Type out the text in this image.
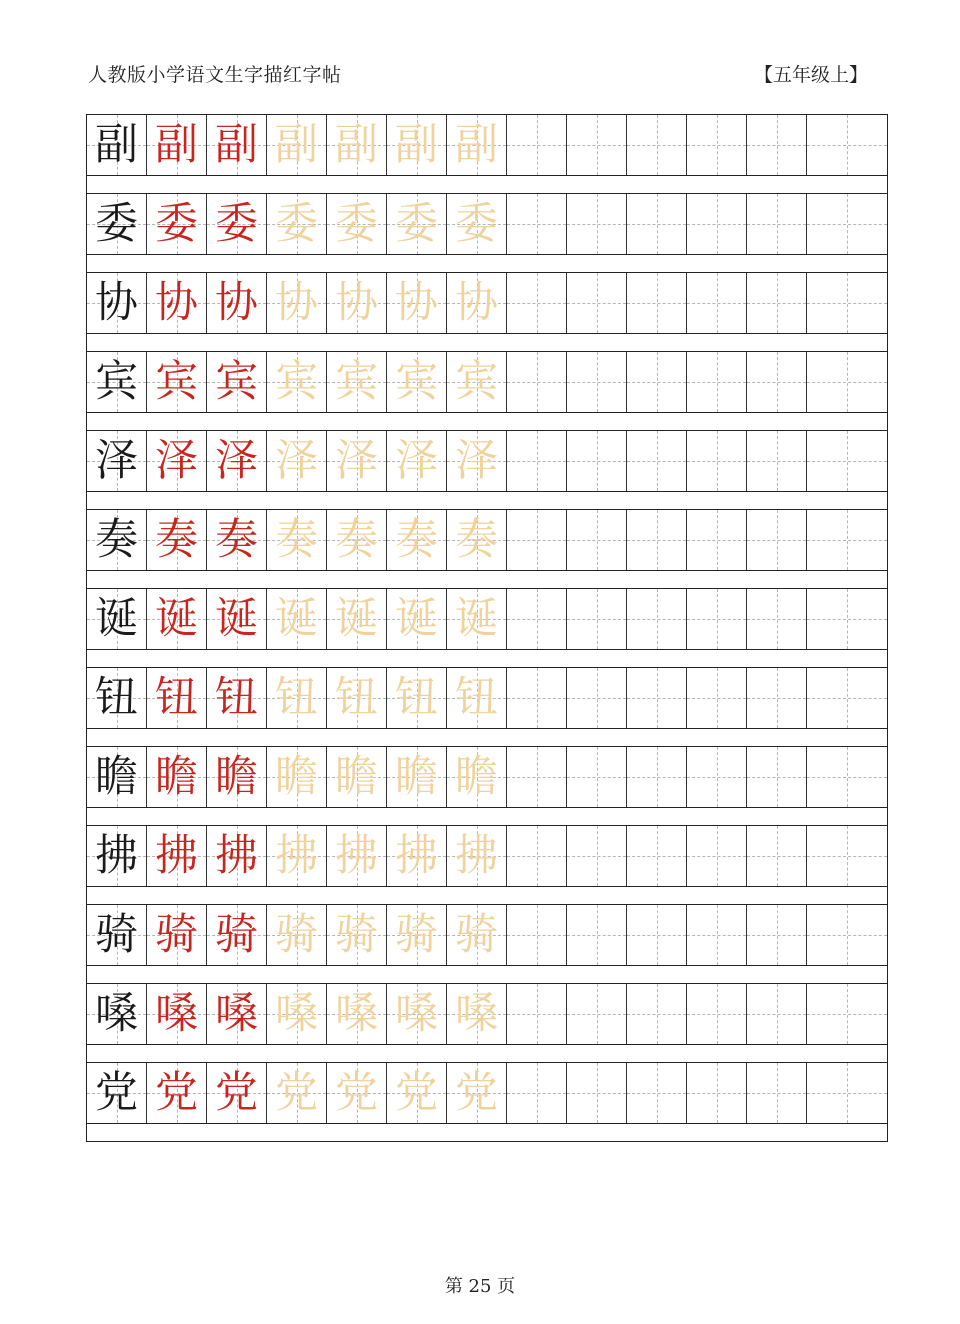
人教版小学语文生字描红字帖	【五年级上】
副 副 副 副 副 副 副
委 委 委 委 委 委 委
协 协 协 协 协 协 协
宾 宾 宾 宾 宾 宾 宾
泽 泽 泽 泽 泽 泽 泽
奏 奏 奏 奏 奏 奏 奏
诞 诞 诞 诞 诞 诞 诞
钮 钮 钮 钮 钮 钮 钮
瞻 瞻 瞻 瞻 瞻 瞻 瞻
拂 拂 拂 拂 拂 拂 拂
骑 骑 骑 骑 骑 骑 骑
嗓 嗓 嗓 嗓 嗓 嗓 嗓
党 党 党 党 党 党 党
第 25 页
